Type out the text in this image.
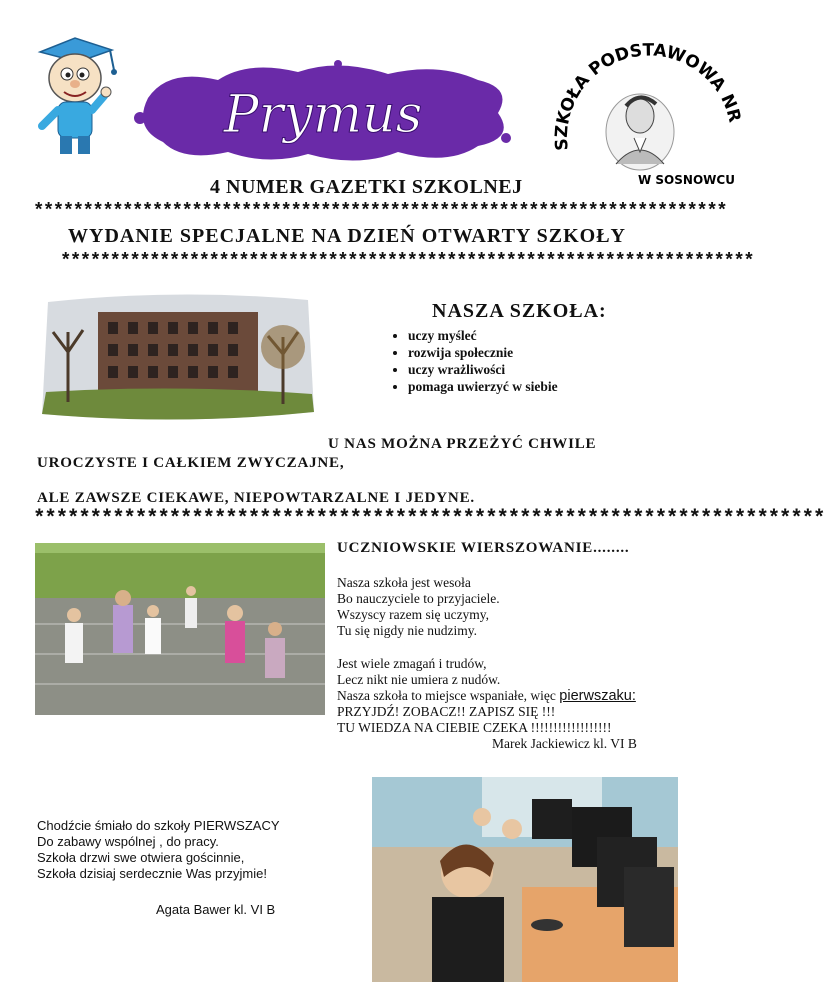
Prymus	SZKOŁA PODSTAWOWA NR
W SOSNOWCU
4 NUMER GAZETKI SZKOLNEJ
**********************************************************************
WYDANIE SPECJALNE NA DZIEŃ OTWARTY SZKOŁY
**********************************************************************
NASZA SZKOŁA:
• uczy myśleć
• rozwija społecznie
• uczy wrażliwości
• pomaga uwierzyć w siebie
U NAS MOŻNA PRZEŻYĆ CHWILE
UROCZYSTE I CAŁKIEM ZWYCZAJNE,
ALE ZAWSZE CIEKAWE, NIEPOWTARZALNE I JEDYNE.
**********************************************************************
UCZNIOWSKIE WIERSZOWANIE........
Nasza szkoła jest wesoła
Bo nauczyciele to przyjaciele.
Wszyscy razem się uczymy,
Tu się nigdy nie nudzimy.
Jest wiele zmagań i trudów,
Lecz nikt nie umiera z nudów.
Nasza szkoła to miejsce wspaniałe, więc pierwszaku:
PRZYJDŹ! ZOBACZ!! ZAPISZ SIĘ !!!
TU WIEDZA NA CIEBIE CZEKA !!!!!!!!!!!!!!!!!!
Marek Jackiewicz kl. VI B
Chodźcie śmiało do szkoły PIERWSZACY
Do zabawy wspólnej , do pracy.
Szkoła drzwi swe otwiera gościnnie,
Szkoła dzisiaj serdecznie Was przyjmie!
Agata Bawer kl. VI B
